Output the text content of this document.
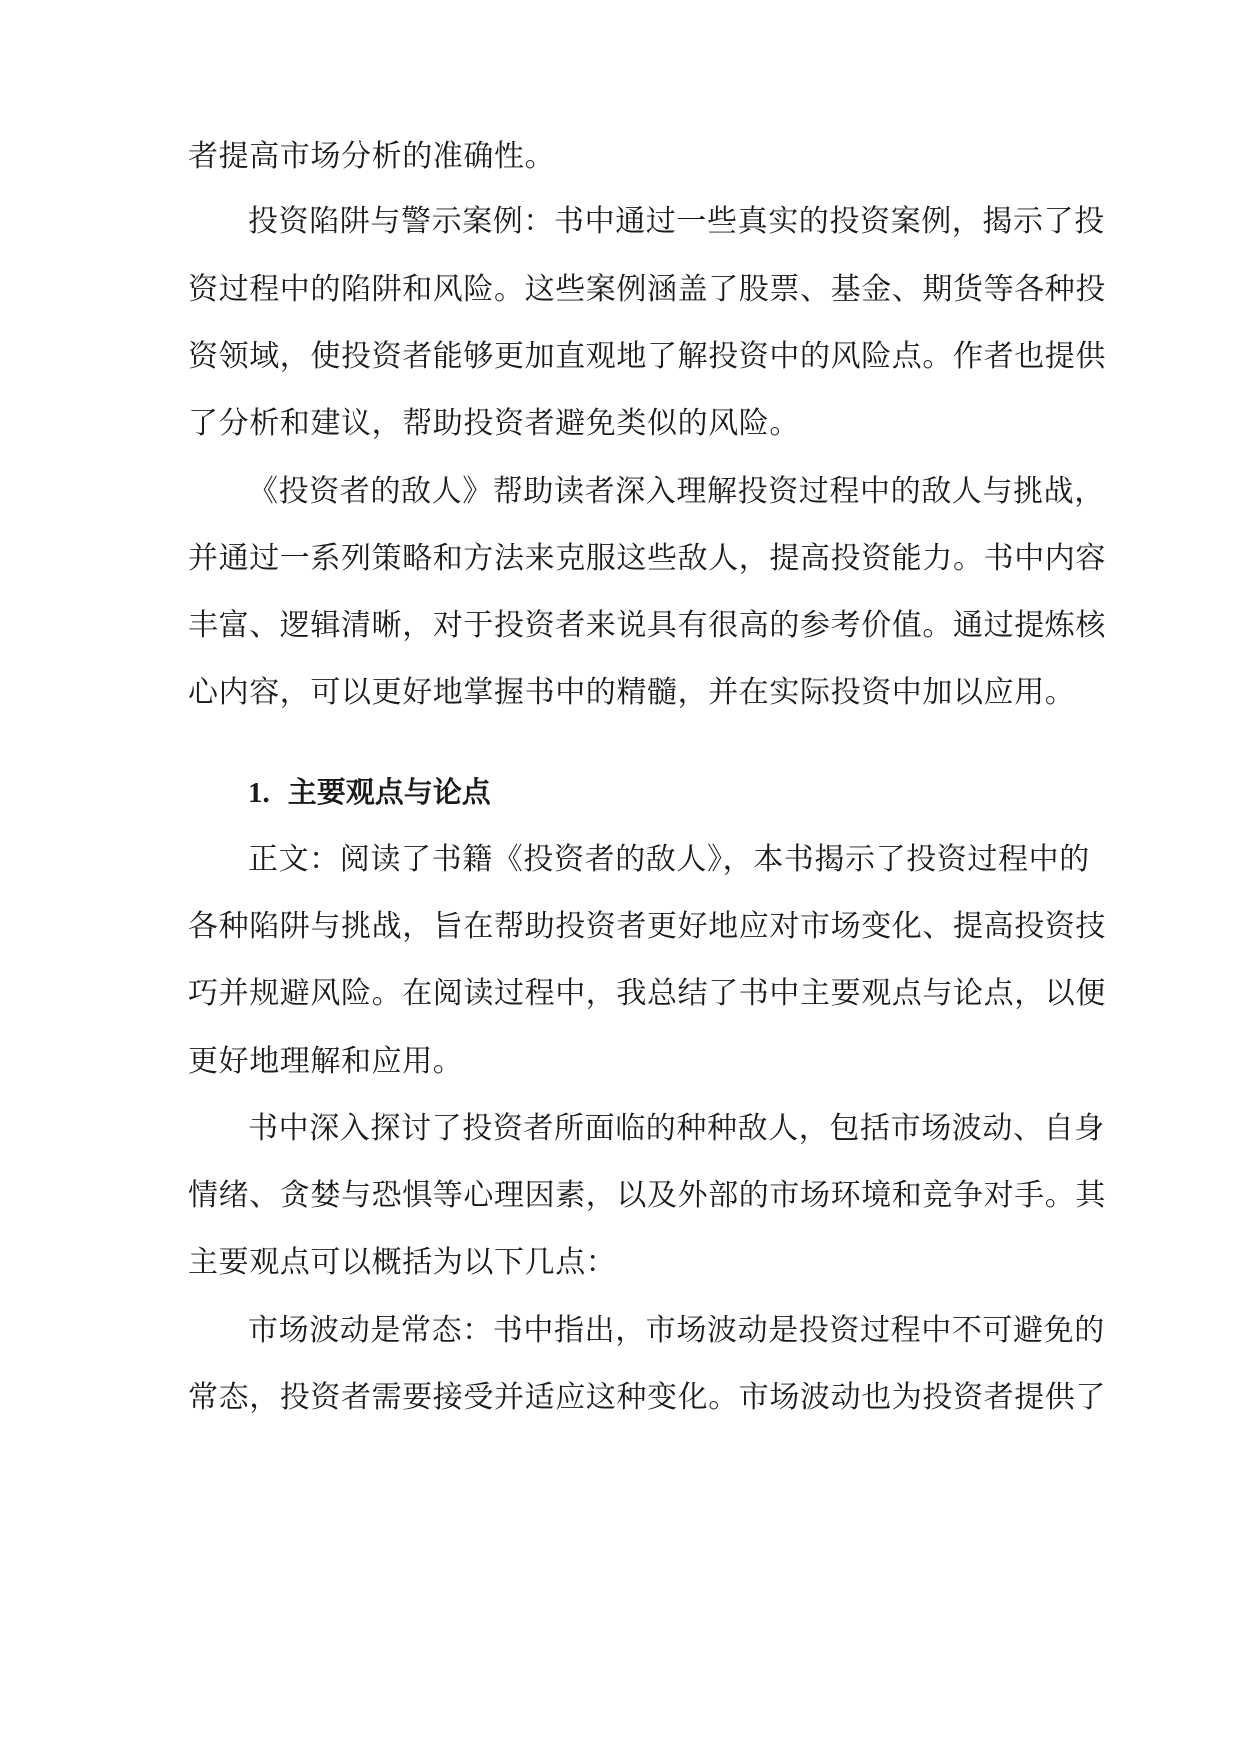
者提高市场分析的准确性。
投资陷阱与警示案例：书中通过一些真实的投资案例，揭示了投
资过程中的陷阱和风险。这些案例涵盖了股票、基金、期货等各种投
资领域，使投资者能够更加直观地了解投资中的风险点。作者也提供
了分析和建议，帮助投资者避免类似的风险。
《投资者的敌人》帮助读者深入理解投资过程中的敌人与挑战，
并通过一系列策略和方法来克服这些敌人，提高投资能力。书中内容
丰富、逻辑清晰，对于投资者来说具有很高的参考价值。通过提炼核
心内容，可以更好地掌握书中的精髓，并在实际投资中加以应用。
1. 主要观点与论点
正文：阅读了书籍《投资者的敌人》，本书揭示了投资过程中的
各种陷阱与挑战，旨在帮助投资者更好地应对市场变化、提高投资技
巧并规避风险。在阅读过程中，我总结了书中主要观点与论点，以便
更好地理解和应用。
书中深入探讨了投资者所面临的种种敌人，包括市场波动、自身
情绪、贪婪与恐惧等心理因素，以及外部的市场环境和竞争对手。其
主要观点可以概括为以下几点：
市场波动是常态：书中指出，市场波动是投资过程中不可避免的
常态，投资者需要接受并适应这种变化。市场波动也为投资者提供了
